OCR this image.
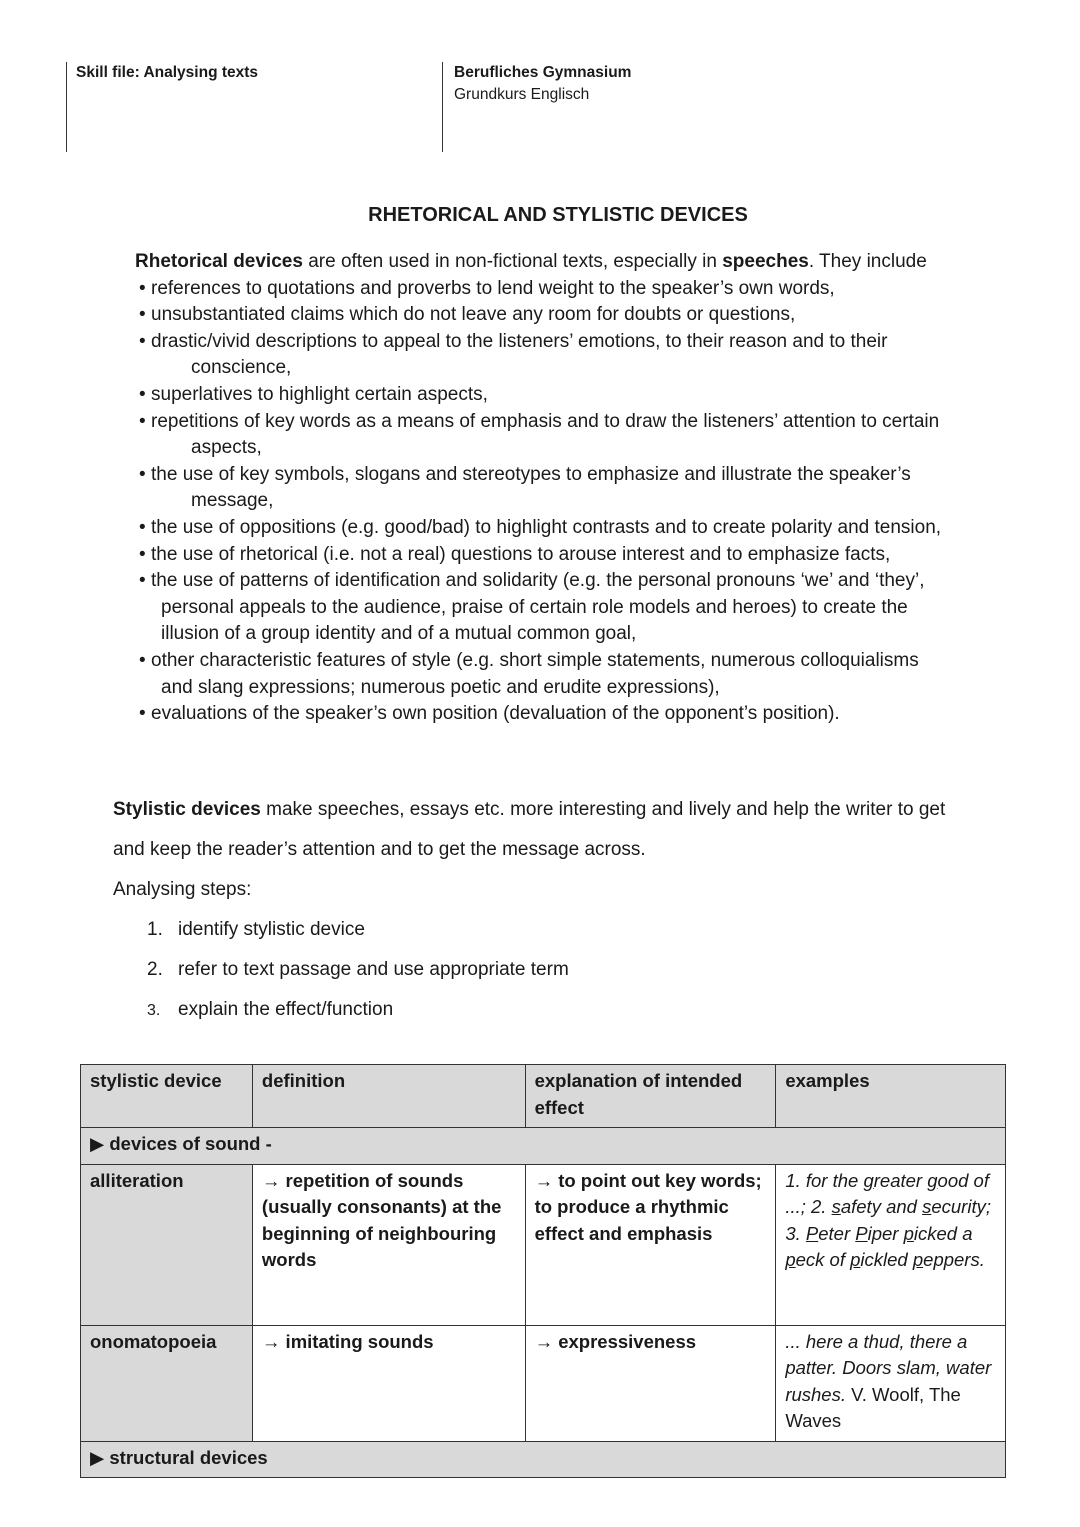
Skill file: Analysing texts	Berufliches Gymnasium
Grundkurs Englisch
RHETORICAL AND STYLISTIC DEVICES

Rhetorical devices are often used in non-fictional texts, especially in speeches. They include

• references to quotations and proverbs to lend weight to the speaker’s own words,
• unsubstantiated claims which do not leave any room for doubts or questions,
• drastic/vivid descriptions to appeal to the listeners’ emotions, to their reason and to their
conscience,
• superlatives to highlight certain aspects,
• repetitions of key words as a means of emphasis and to draw the listeners’ attention to certain
aspects,
• the use of key symbols, slogans and stereotypes to emphasize and illustrate the speaker’s
message,
• the use of oppositions (e.g. good/bad) to highlight contrasts and to create polarity and tension,
• the use of rhetorical (i.e. not a real) questions to arouse interest and to emphasize facts,
• the use of patterns of identification and solidarity (e.g. the personal pronouns ‘we’ and ‘they’,
personal appeals to the audience, praise of certain role models and heroes) to create the
illusion of a group identity and of a mutual common goal,
• other characteristic features of style (e.g. short simple statements, numerous colloquialisms
and slang expressions; numerous poetic and erudite expressions),
• evaluations of the speaker’s own position (devaluation of the opponent’s position).

Stylistic devices make speeches, essays etc. more interesting and lively and help the writer to get

and keep the reader’s attention and to get the message across.

Analysing steps:

1. identify stylistic device
2. refer to text passage and use appropriate term
3. explain the effect/function
stylistic device	definition	explanation of intended effect	examples
▶ devices of sound -			
alliteration	→ repetition of sounds (usually consonants) at the beginning of neighbouring words	→ to point out key words; to produce a rhythmic effect and emphasis	1. for the greater good of ...; 2. safety and security; 3. Peter Piper picked a peck of pickled peppers.
onomatopoeia	→ imitating sounds	→ expressiveness	... here a thud, there a patter. Doors slam, water rushes. V. Woolf, The Waves
▶ structural devices			
